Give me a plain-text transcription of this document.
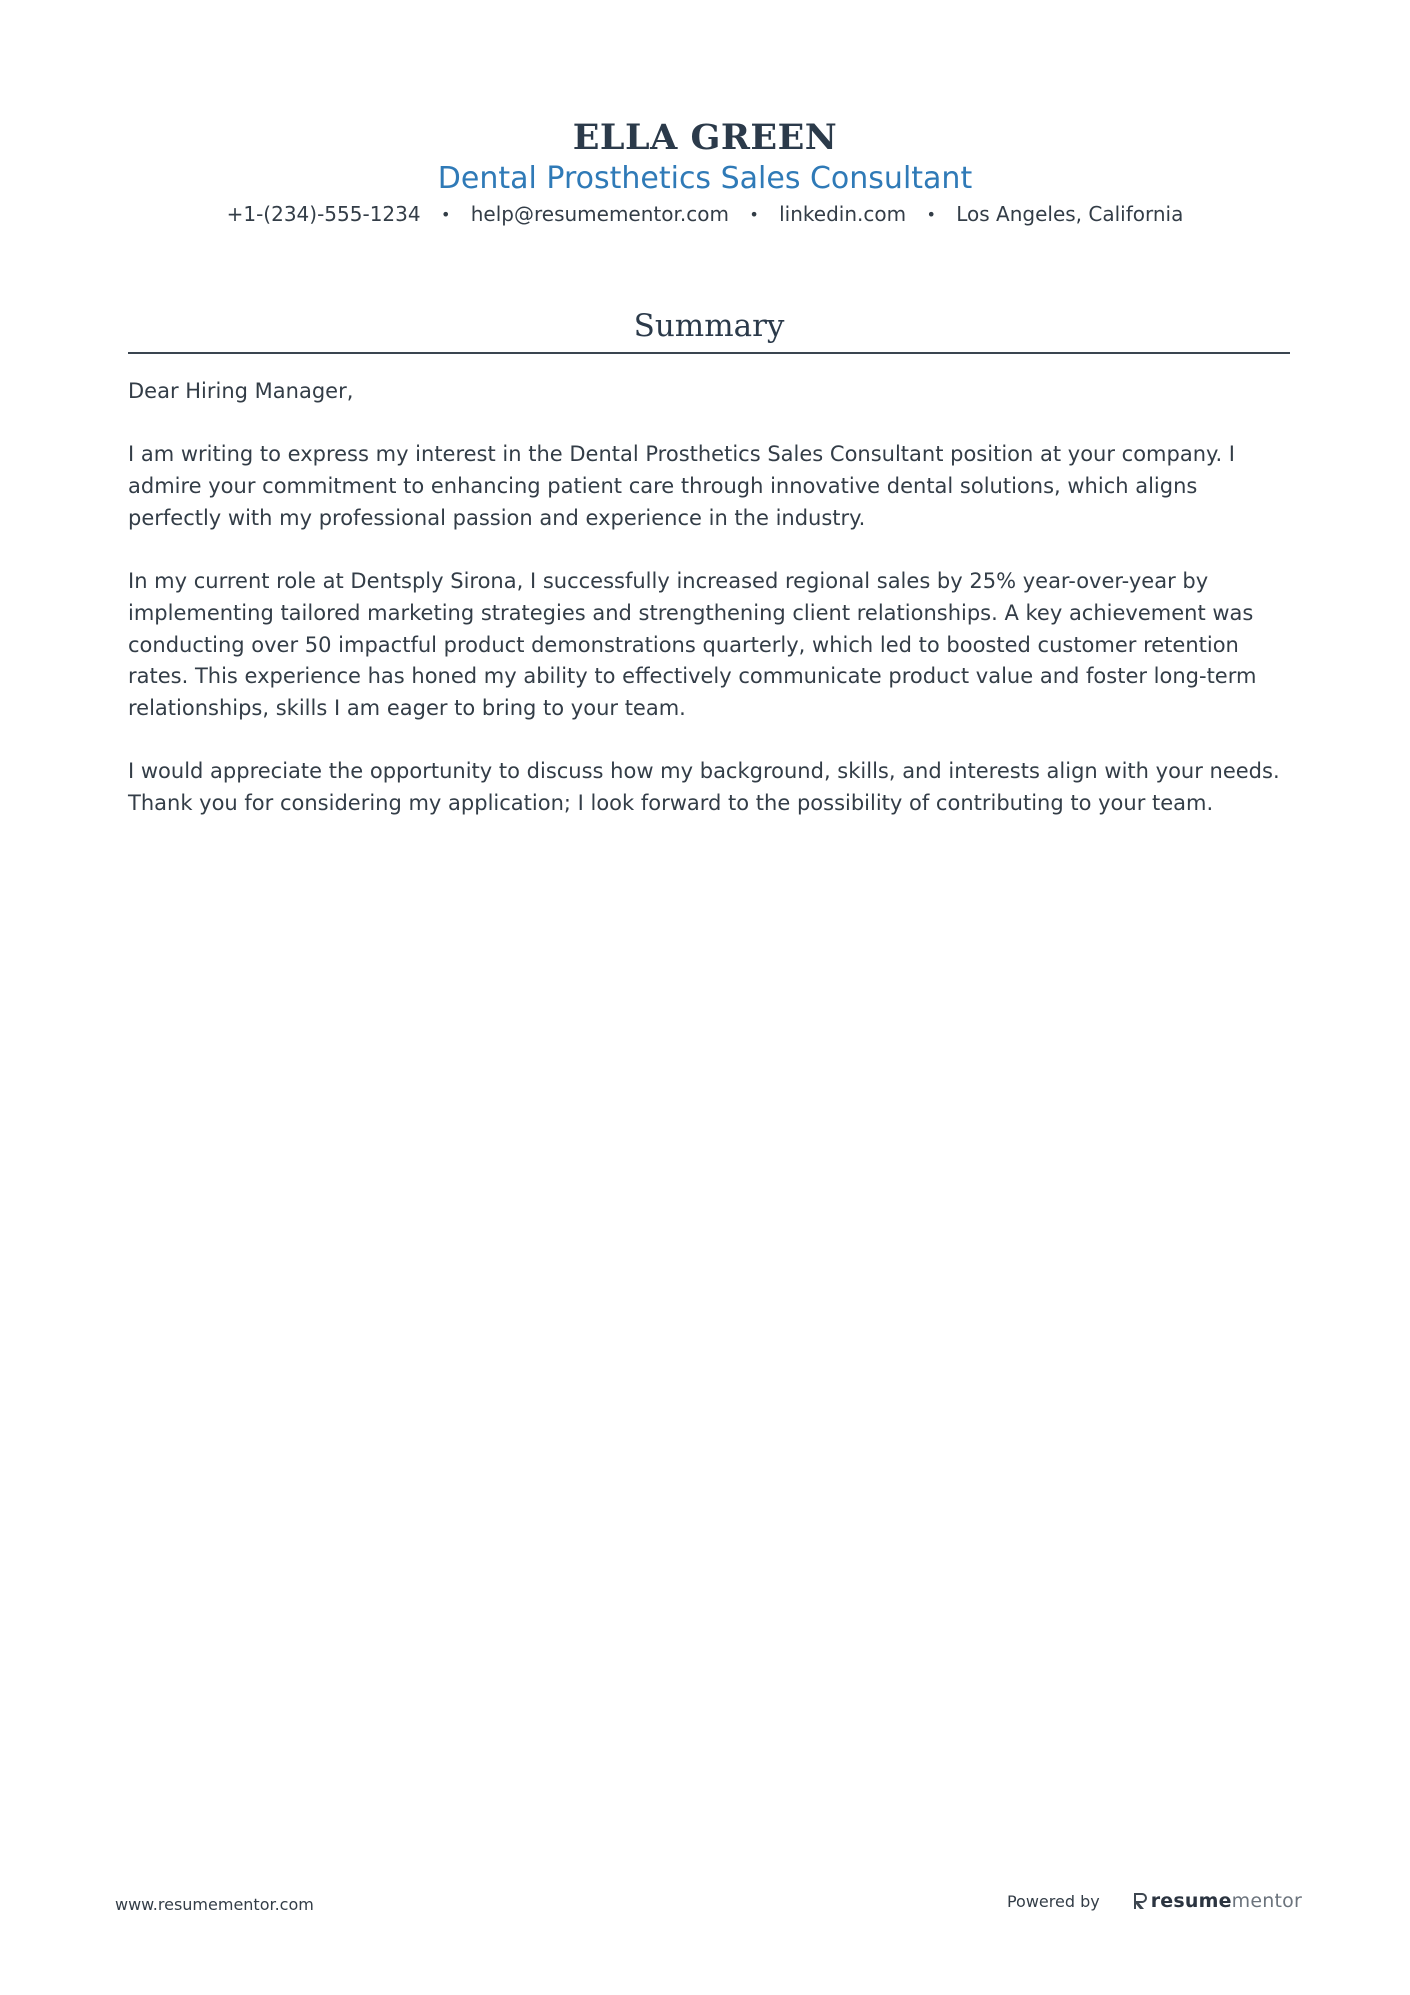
ELLA GREEN
Dental Prosthetics Sales Consultant
+1-(234)-555-1234 • help@resumementor.com • linkedin.com • Los Angeles, California
Summary

Dear Hiring Manager,

I am writing to express my interest in the Dental Prosthetics Sales Consultant position at your company. I admire your commitment to enhancing patient care through innovative dental solutions, which aligns perfectly with my professional passion and experience in the industry.

In my current role at Dentsply Sirona, I successfully increased regional sales by 25% year-over-year by implementing tailored marketing strategies and strengthening client relationships. A key achievement was conducting over 50 impactful product demonstrations quarterly, which led to boosted customer retention rates. This experience has honed my ability to effectively communicate product value and foster long-term relationships, skills I am eager to bring to your team.

I would appreciate the opportunity to discuss how my background, skills, and interests align with your needs. Thank you for considering my application; I look forward to the possibility of contributing to your team.

www.resumementor.com	Powered by	resume mentor
